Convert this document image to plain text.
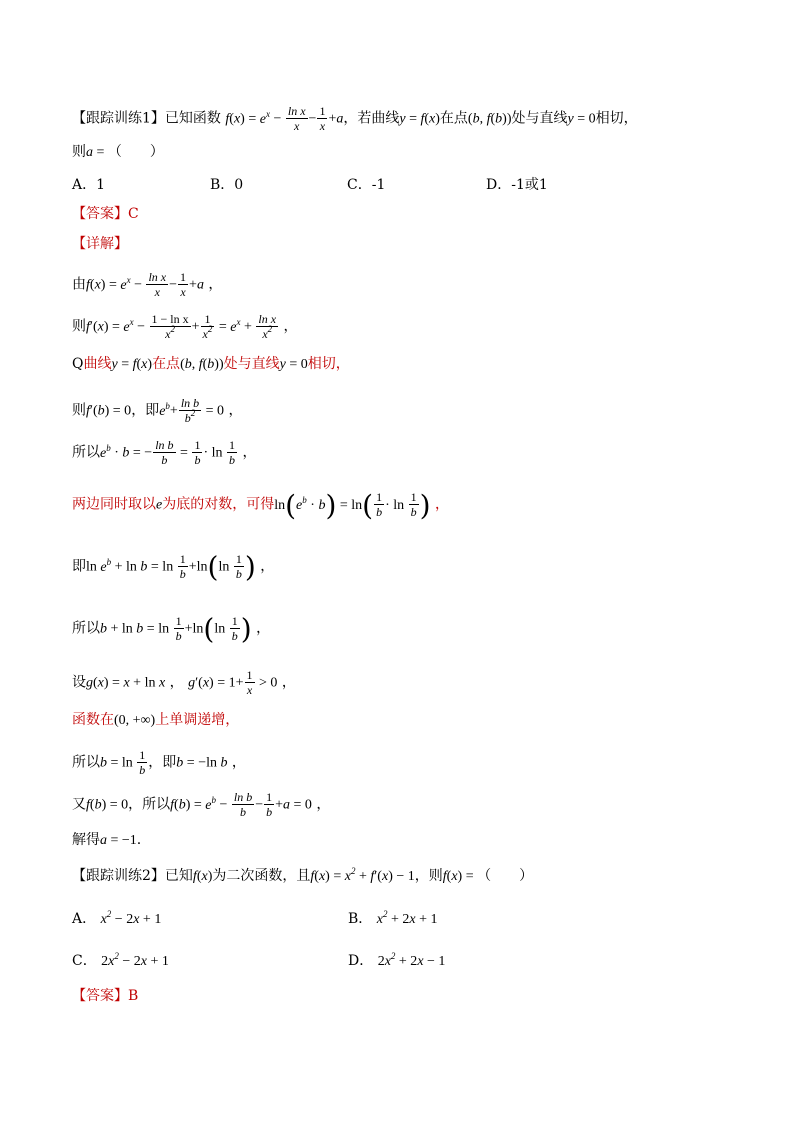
【跟踪训练1】已知函数 $f(x) = e^x - \frac{\text{ln x}}{x} - \frac{1}{x} +a$，若曲线y = f(x)在点(b, f(b))处与直线y = 0相切，
则a = （　　）
A．1	B．0	C．-1	D．-1或1
【答案】C
【详解】
由$f(x) = e^x - \frac{\text{ln x}}{x} - \frac{1}{x} +a$ ，
则$f'(x) = e^x - \frac{\text{1 − ln x}}{x^2} + \frac{1}{x^2} = e^x + \frac{\text{ln x}}{x^2}$ ，
Q曲线y = f(x)在点(b, f(b))处与直线y = 0相切，
则f′(b) = 0，即$e^b+ \frac{\text{ln b}}{b^2} = 0$ ，
所以$e^b \cdot b$ = − $\frac{\text{ln b}}{b} = \frac{1}{b} \cdot \ln \frac{1}{b}$ ，
两边同时取以e为底的对数，可得$\ln(e^b \cdot b) = \ln( \frac{1}{b} \cdot \ln \frac{1}{b}$ ) ，
即$\ln e^b + \ln b = \ln \frac{1}{b} +\ln(\ln \frac{1}{b}$ ) ，
所以$b + \ln b = \ln \frac{1}{b} +\ln(\ln \frac{1}{b}$ ) ，
设g(x) = x + ln x ， $g'(x) = 1+ \frac{1}{x} > 0$ ，
函数在(0, +∞)上单调递增，
所以$b = \ln \frac{1}{b}$ ，即b = −ln b ，
又f(b) = 0，所以$f(b) = e^b - \frac{\text{ln b}}{b} - \frac{1}{b} +a = 0$ ，
解得a = −1.
【跟踪训练2】已知f(x)为二次函数，且$f(x) = x^2 + f'(x) - 1$，则f(x) = （　　）
A． $x^2 - 2x + 1$	B． $x^2 + 2x + 1$
C． $2x^2 - 2x + 1$	D． $2x^2 + 2x - 1$
【答案】B
